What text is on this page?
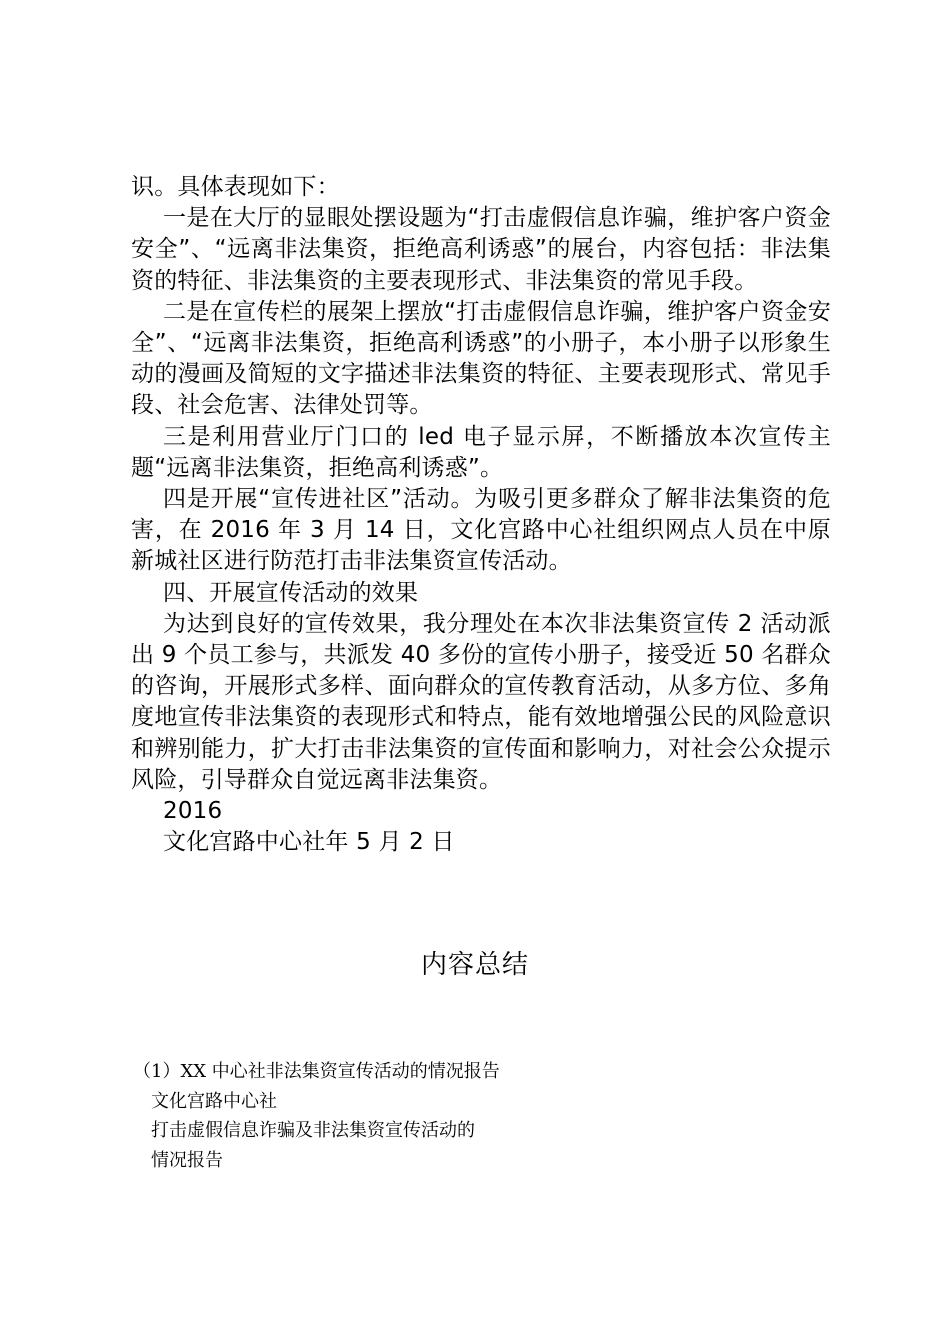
识。具体表现如下：

一是在大厅的显眼处摆设题为“打击虚假信息诈骗，维护客户资金安全”、“远离非法集资，拒绝高利诱惑”的展台，内容包括：非法集资的特征、非法集资的主要表现形式、非法集资的常见手段。

二是在宣传栏的展架上摆放“打击虚假信息诈骗，维护客户资金安全”、“远离非法集资，拒绝高利诱惑”的小册子，本小册子以形象生动的漫画及简短的文字描述非法集资的特征、主要表现形式、常见手段、社会危害、法律处罚等。

三是利用营业厅门口的 led 电子显示屏，不断播放本次宣传主题“远离非法集资，拒绝高利诱惑”。

四是开展“宣传进社区”活动。为吸引更多群众了解非法集资的危害，在 2016 年 3 月 14 日，文化宫路中心社组织网点人员在中原新城社区进行防范打击非法集资宣传活动。

四、开展宣传活动的效果

为达到良好的宣传效果，我分理处在本次非法集资宣传 2 活动派出 9 个员工参与，共派发 40 多份的宣传小册子，接受近 50 名群众的咨询，开展形式多样、面向群众的宣传教育活动，从多方位、多角度地宣传非法集资的表现形式和特点，能有效地增强公民的风险意识和辨别能力，扩大打击非法集资的宣传面和影响力，对社会公众提示风险，引导群众自觉远离非法集资。

2016

文化宫路中心社年 5 月 2 日

内容总结

（1）XX 中心社非法集资宣传活动的情况报告

文化宫路中心社

打击虚假信息诈骗及非法集资宣传活动的

情况报告
